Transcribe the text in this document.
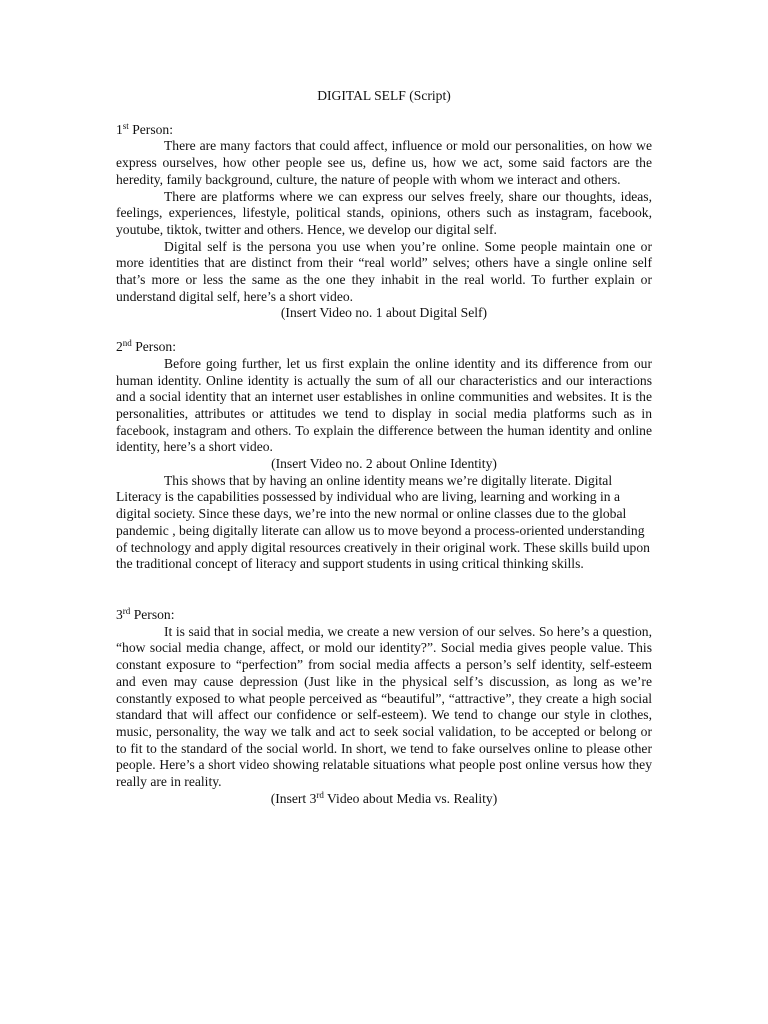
DIGITAL SELF (Script)
1st Person:

There are many factors that could affect, influence or mold our personalities, on how we express ourselves, how other people see us, define us, how we act, some said factors are the heredity, family background, culture, the nature of people with whom we interact and others.

There are platforms where we can express our selves freely, share our thoughts, ideas, feelings, experiences, lifestyle, political stands, opinions, others such as instagram, facebook, youtube, tiktok, twitter and others. Hence, we develop our digital self.

Digital self is the persona you use when you’re online. Some people maintain one or more identities that are distinct from their “real world” selves; others have a single online self that’s more or less the same as the one they inhabit in the real world. To further explain or understand digital self, here’s a short video.

(Insert Video no. 1 about Digital Self)

2nd Person:

Before going further, let us first explain the online identity and its difference from our human identity. Online identity is actually the sum of all our characteristics and our interactions and a social identity that an internet user establishes in online communities and websites. It is the personalities, attributes or attitudes we tend to display in social media platforms such as in facebook, instagram and others. To explain the difference between the human identity and online identity, here’s a short video.

(Insert Video no. 2 about Online Identity)

This shows that by having an online identity means we’re digitally literate. Digital Literacy is the capabilities possessed by individual who are living, learning and working in a digital society. Since these days, we’re into the new normal or online classes due to the global pandemic , being digitally literate can allow us to move beyond a process-oriented understanding of technology and apply digital resources creatively in their original work. These skills build upon the traditional concept of literacy and support students in using critical thinking skills.

3rd Person:

It is said that in social media, we create a new version of our selves. So here’s a question, “how social media change, affect, or mold our identity?”. Social media gives people value. This constant exposure to “perfection” from social media affects a person’s self identity, self-esteem and even may cause depression (Just like in the physical self’s discussion, as long as we’re constantly exposed to what people perceived as “beautiful”, “attractive”, they create a high social standard that will affect our confidence or self-esteem). We tend to change our style in clothes, music, personality, the way we talk and act to seek social validation, to be accepted or belong or to fit to the standard of the social world. In short, we tend to fake ourselves online to please other people. Here’s a short video showing relatable situations what people post online versus how they really are in reality.

(Insert 3rd Video about Media vs. Reality)
